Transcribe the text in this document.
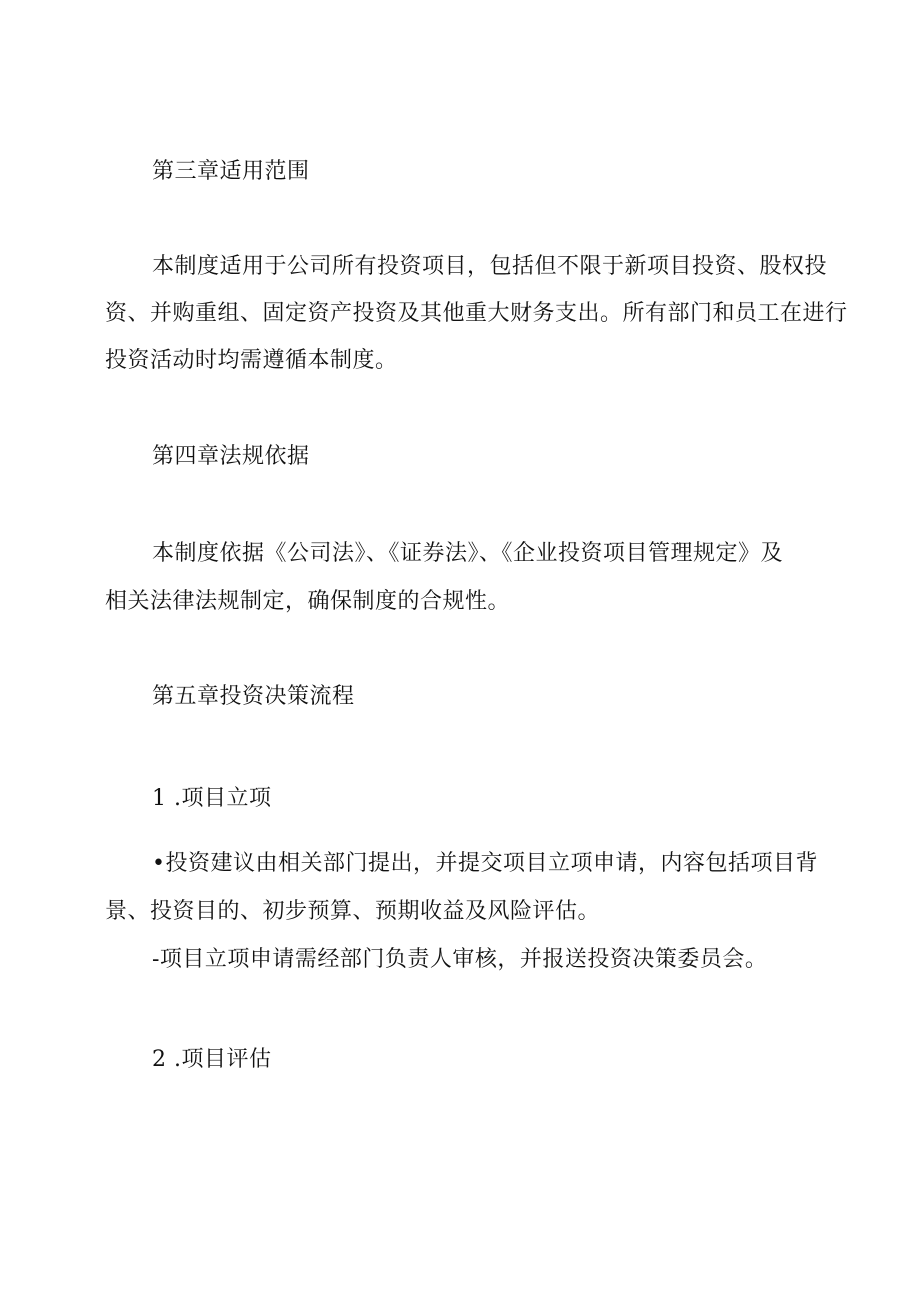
第三章适用范围
本制度适用于公司所有投资项目，包括但不限于新项目投资、股权投
资、并购重组、固定资产投资及其他重大财务支出。所有部门和员工在进行
投资活动时均需遵循本制度。
第四章法规依据
本制度依据《公司法》、《证券法》、《企业投资项目管理规定》及
相关法律法规制定，确保制度的合规性。
第五章投资决策流程
1 .项目立项
•投资建议由相关部门提出，并提交项目立项申请，内容包括项目背
景、投资目的、初步预算、预期收益及风险评估。
-项目立项申请需经部门负责人审核，并报送投资决策委员会。
2 .项目评估
